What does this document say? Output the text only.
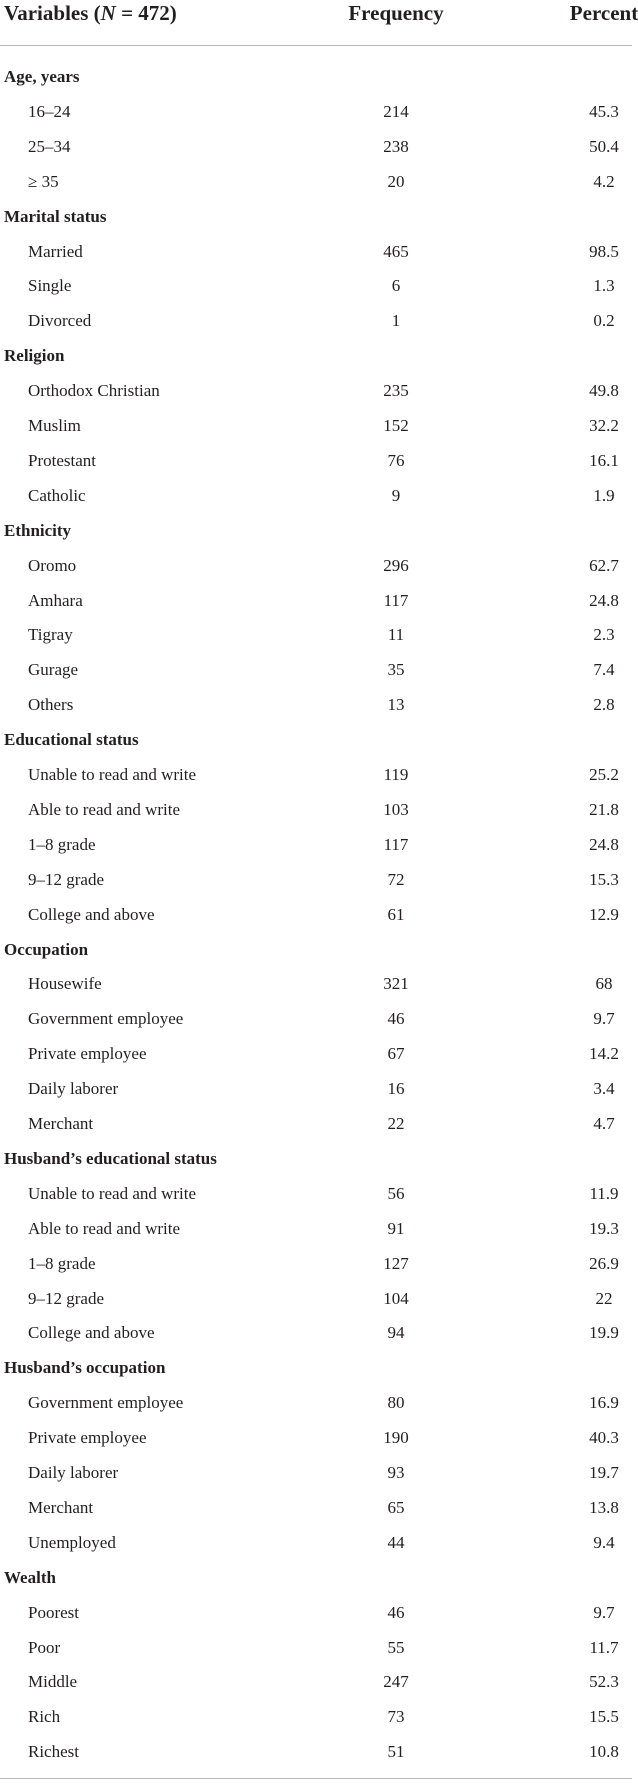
Variables (N = 472)	Frequency	Percent
Age, years
16–24	214	45.3
25–34	238	50.4
≥ 35	20	4.2
Marital status
Married	465	98.5
Single	6	1.3
Divorced	1	0.2
Religion
Orthodox Christian	235	49.8
Muslim	152	32.2
Protestant	76	16.1
Catholic	9	1.9
Ethnicity
Oromo	296	62.7
Amhara	117	24.8
Tigray	11	2.3
Gurage	35	7.4
Others	13	2.8
Educational status
Unable to read and write	119	25.2
Able to read and write	103	21.8
1–8 grade	117	24.8
9–12 grade	72	15.3
College and above	61	12.9
Occupation
Housewife	321	68
Government employee	46	9.7
Private employee	67	14.2
Daily laborer	16	3.4
Merchant	22	4.7
Husband’s educational status
Unable to read and write	56	11.9
Able to read and write	91	19.3
1–8 grade	127	26.9
9–12 grade	104	22
College and above	94	19.9
Husband’s occupation
Government employee	80	16.9
Private employee	190	40.3
Daily laborer	93	19.7
Merchant	65	13.8
Unemployed	44	9.4
Wealth
Poorest	46	9.7
Poor	55	11.7
Middle	247	52.3
Rich	73	15.5
Richest	51	10.8
